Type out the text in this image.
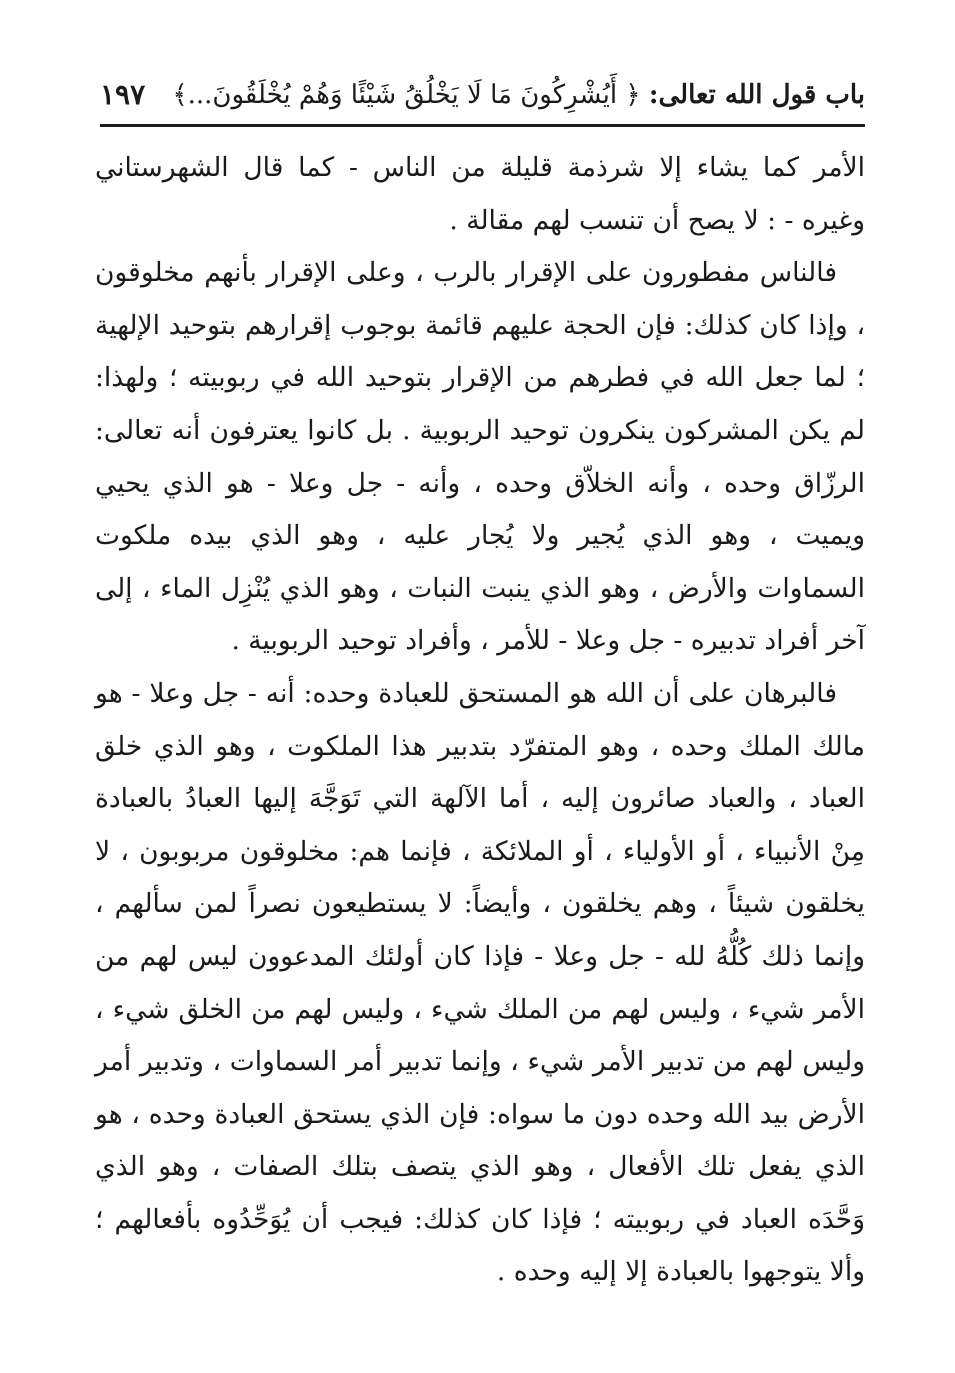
باب قول الله تعالى: ﴿ أَيُشْرِكُونَ مَا لَا يَخْلُقُ شَيْئًا وَهُمْ يُخْلَقُونَ...﴾
١٩٧

الأمر كما يشاء إلا شرذمة قليلة من الناس - كما قال الشهرستاني وغيره - : لا يصح أن تنسب لهم مقالة .

فالناس مفطورون على الإقرار بالرب ، وعلى الإقرار بأنهم مخلوقون ، وإذا كان كذلك: فإن الحجة عليهم قائمة بوجوب إقرارهم بتوحيد الإلهية ؛ لما جعل الله في فطرهم من الإقرار بتوحيد الله في ربوبيته ؛ ولهذا: لم يكن المشركون ينكرون توحيد الربوبية . بل كانوا يعترفون أنه تعالى: الرزّاق وحده ، وأنه الخلاّق وحده ، وأنه - جل وعلا - هو الذي يحيي ويميت ، وهو الذي يُجير ولا يُجار عليه ، وهو الذي بيده ملكوت السماوات والأرض ، وهو الذي ينبت النبات ، وهو الذي يُنْزِل الماء ، إلى آخر أفراد تدبيره - جل وعلا - للأمر ، وأفراد توحيد الربوبية .

فالبرهان على أن الله هو المستحق للعبادة وحده: أنه - جل وعلا - هو مالك الملك وحده ، وهو المتفرّد بتدبير هذا الملكوت ، وهو الذي خلق العباد ، والعباد صائرون إليه ، أما الآلهة التي تَوَجَّهَ إليها العبادُ بالعبادة مِنْ الأنبياء ، أو الأولياء ، أو الملائكة ، فإنما هم: مخلوقون مربوبون ، لا يخلقون شيئاً ، وهم يخلقون ، وأيضاً: لا يستطيعون نصراً لمن سألهم ، وإنما ذلك كُلُّهُ لله - جل وعلا - فإذا كان أولئك المدعوون ليس لهم من الأمر شيء ، وليس لهم من الملك شيء ، وليس لهم من الخلق شيء ، وليس لهم من تدبير الأمر شيء ، وإنما تدبير أمر السماوات ، وتدبير أمر الأرض بيد الله وحده دون ما سواه: فإن الذي يستحق العبادة وحده ، هو الذي يفعل تلك الأفعال ، وهو الذي يتصف بتلك الصفات ، وهو الذي وَحَّدَه العباد في ربوبيته ؛ فإذا كان كذلك: فيجب أن يُوَحِّدُوه بأفعالهم ؛ وألا يتوجهوا بالعبادة إلا إليه وحده .
